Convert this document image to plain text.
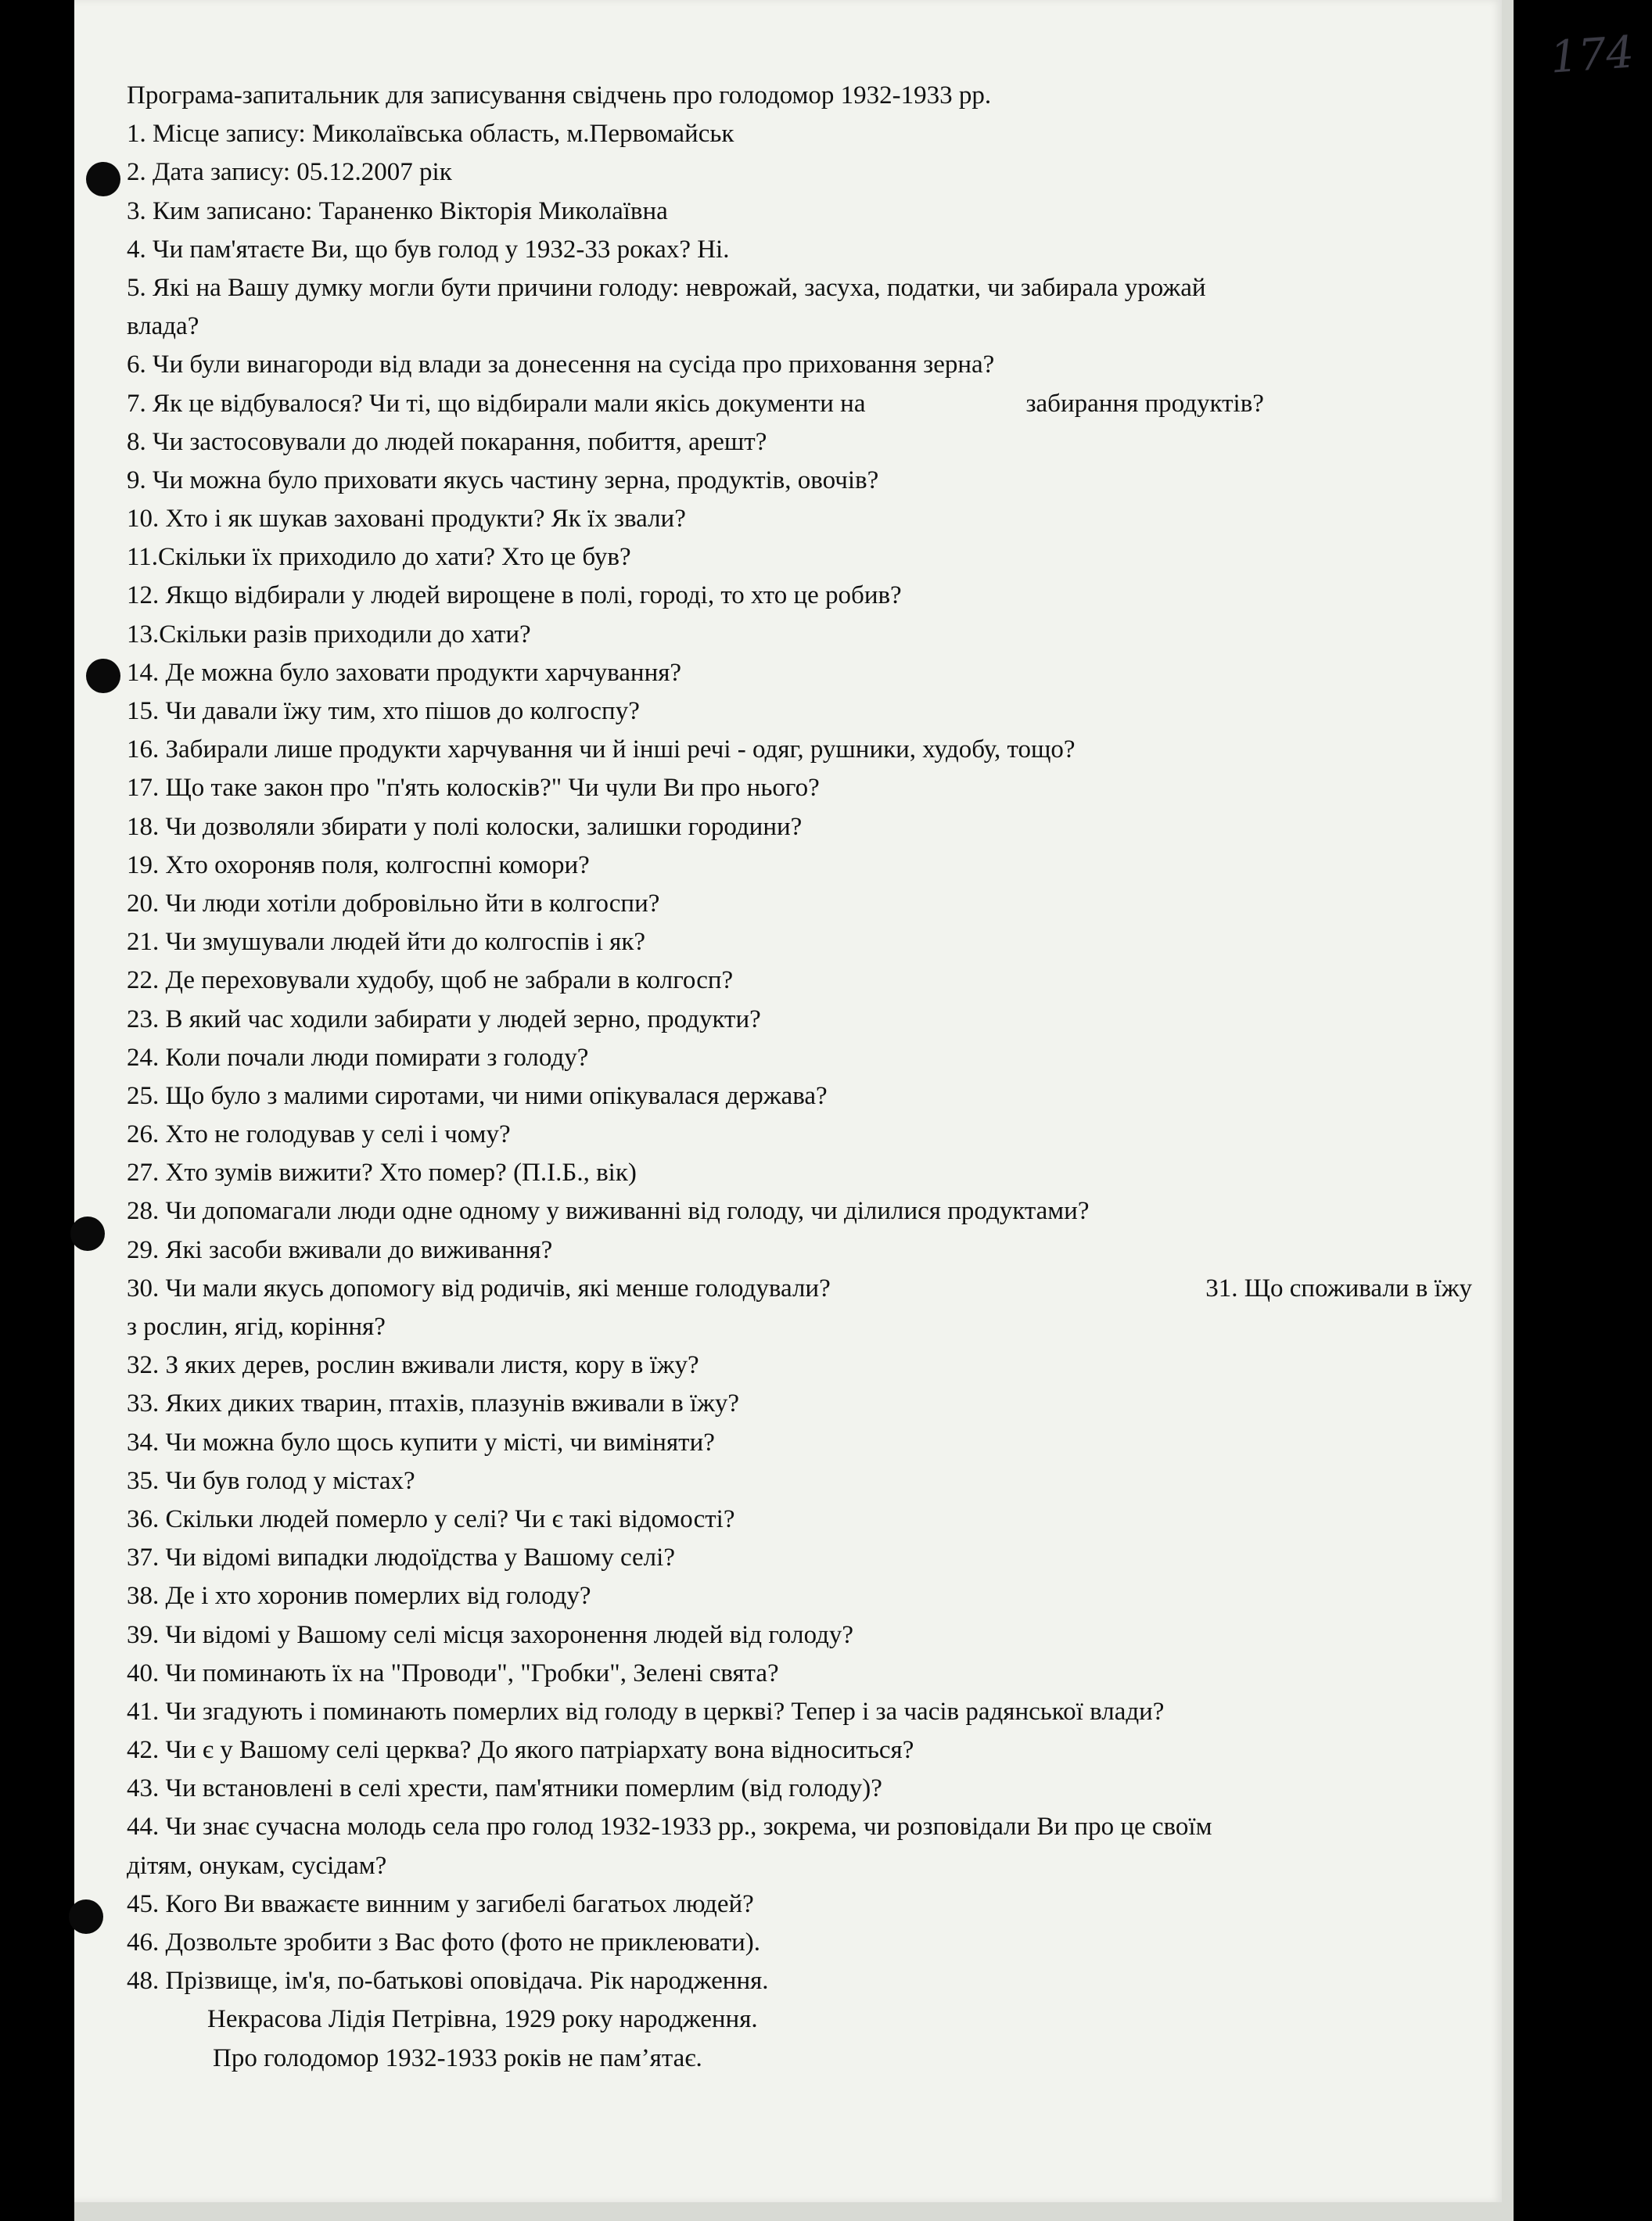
174
Програма-запитальник для записування свідчень про голодомор 1932-1933 рр.
1. Місце запису: Миколаївська область, м.Первомайськ
2. Дата запису: 05.12.2007 рік
3. Ким записано: Тараненко Вікторія Миколаївна
4. Чи пам'ятаєте Ви, що був голод у 1932-33 роках? Ні.
5. Які на Вашу думку могли бути причини голоду: неврожай, засуха, податки, чи забирала урожай
влада?
6. Чи були винагороди від влади за донесення на сусіда про приховання зерна?
7. Як це відбувалося? Чи ті, що відбирали мали якісь документи на	забирання продуктів?
8. Чи застосовували до людей покарання, побиття, арешт?
9. Чи можна було приховати якусь частину зерна, продуктів, овочів?
10. Хто і як шукав заховані продукти? Як їх звали?
11.Скільки їх приходило до хати? Хто це був?
12. Якщо відбирали у людей вирощене в полі, городі, то хто це робив?
13.Скільки разів приходили до хати?
14. Де можна було заховати продукти харчування?
15. Чи давали їжу тим, хто пішов до колгоспу?
16. Забирали лише продукти харчування чи й інші речі - одяг, рушники, худобу, тощо?
17. Що таке закон про "п'ять колосків?" Чи чули Ви про нього?
18. Чи дозволяли збирати у полі колоски, залишки городини?
19. Хто охороняв поля, колгоспні комори?
20. Чи люди хотіли добровільно йти в колгоспи?
21. Чи змушували людей йти до колгоспів і як?
22. Де переховували худобу, щоб не забрали в колгосп?
23. В який час ходили забирати у людей зерно, продукти?
24. Коли почали люди помирати з голоду?
25. Що було з малими сиротами, чи ними опікувалася держава?
26. Хто не голодував у селі і чому?
27. Хто зумів вижити? Хто помер? (П.І.Б., вік)
28. Чи допомагали люди одне одному у виживанні від голоду, чи ділилися продуктами?
29. Які засоби вживали до виживання?
30. Чи мали якусь допомогу від родичів, які менше голодували?	31. Що споживали в їжу
з рослин, ягід, коріння?
32. З яких дерев, рослин вживали листя, кору в їжу?
33. Яких диких тварин, птахів, плазунів вживали в їжу?
34. Чи можна було щось купити у місті, чи виміняти?
35. Чи був голод у містах?
36. Скільки людей померло у селі? Чи є такі відомості?
37. Чи відомі випадки людоїдства у Вашому селі?
38. Де і хто хоронив померлих від голоду?
39. Чи відомі у Вашому селі місця захоронення людей від голоду?
40. Чи поминають їх на "Проводи", "Гробки", Зелені свята?
41. Чи згадують і поминають померлих від голоду в церкві? Тепер і за часів радянської влади?
42. Чи є у Вашому селі церква? До якого патріархату вона відноситься?
43. Чи встановлені в селі хрести, пам'ятники померлим (від голоду)?
44. Чи знає сучасна молодь села про голод 1932-1933 рр., зокрема, чи розповідали Ви про це своїм
дітям, онукам, сусідам?
45. Кого Ви вважаєте винним у загибелі багатьох людей?
46. Дозвольте зробити з Вас фото (фото не приклеювати).
48. Прізвище, ім'я, по-батькові оповідача. Рік народження.
Некрасова Лідія Петрівна, 1929 року народження.
Про голодомор 1932-1933 років не пам’ятає.
